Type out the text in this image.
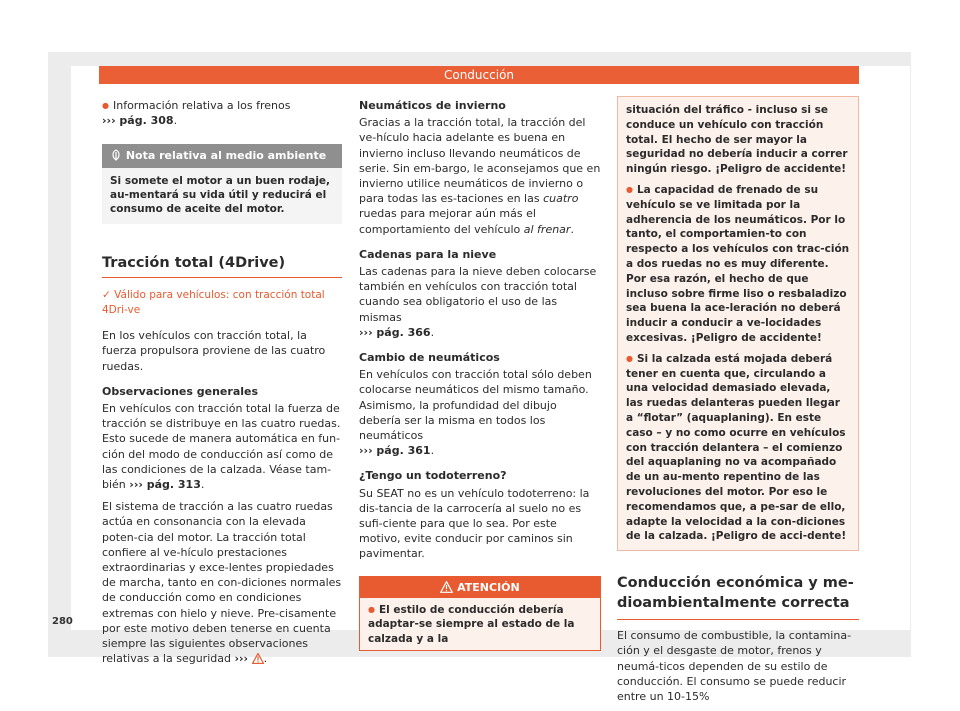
Conducción

● Información relativa a los frenos
››› pág. 308.

Nota relativa al medio ambiente
Si somete el motor a un buen rodaje, au-mentará su vida útil y reducirá el consumo de aceite del motor.
Tracción total (4Drive)
✓ Válido para vehículos: con tracción total 4Dri-ve

En los vehículos con tracción total, la fuerza propulsora proviene de las cuatro ruedas.

Observaciones generales

En vehículos con tracción total la fuerza de tracción se distribuye en las cuatro ruedas. Esto sucede de manera automática en fun-ción del modo de conducción así como de las condiciones de la calzada. Véase tam-bién ››› pág. 313.

El sistema de tracción a las cuatro ruedas actúa en consonancia con la elevada poten-cia del motor. La tracción total confiere al ve-hículo prestaciones extraordinarias y exce-lentes propiedades de marcha, tanto en con-diciones normales de conducción como en condiciones extremas con hielo y nieve. Pre-cisamente por este motivo deben tenerse en cuenta siempre las siguientes observaciones relativas a la seguridad ››› .

Neumáticos de invierno

Gracias a la tracción total, la tracción del ve-hículo hacia adelante es buena en invierno incluso llevando neumáticos de serie. Sin em-bargo, le aconsejamos que en invierno utilice neumáticos de invierno o para todas las es-taciones en las cuatro ruedas para mejorar aún más el comportamiento del vehículo al frenar.

Cadenas para la nieve

Las cadenas para la nieve deben colocarse también en vehículos con tracción total cuando sea obligatorio el uso de las mismas
››› pág. 366.

Cambio de neumáticos

En vehículos con tracción total sólo deben colocarse neumáticos del mismo tamaño. Asimismo, la profundidad del dibujo debería ser la misma en todos los neumáticos
››› pág. 361.

¿Tengo un todoterreno?

Su SEAT no es un vehículo todoterreno: la dis-tancia de la carrocería al suelo no es sufi-ciente para que lo sea. Por este motivo, evite conducir por caminos sin pavimentar.

ATENCIÓN
● El estilo de conducción debería adaptar-se siempre al estado de la calzada y a la

situación del tráfico - incluso si se conduce un vehículo con tracción total. El hecho de ser mayor la seguridad no debería inducir a correr ningún riesgo. ¡Peligro de accidente!

● La capacidad de frenado de su vehículo se ve limitada por la adherencia de los neumáticos. Por lo tanto, el comportamien-to con respecto a los vehículos con trac-ción a dos ruedas no es muy diferente. Por esa razón, el hecho de que incluso sobre firme liso o resbaladizo sea buena la ace-leración no deberá inducir a conducir a ve-locidades excesivas. ¡Peligro de accidente!

● Si la calzada está mojada deberá tener en cuenta que, circulando a una velocidad demasiado elevada, las ruedas delanteras pueden llegar a “flotar” (aquaplaning). En este caso – y no como ocurre en vehículos con tracción delantera – el comienzo del aquaplaning no va acompañado de un au-mento repentino de las revoluciones del motor. Por eso le recomendamos que, a pe-sar de ello, adapte la velocidad a la con-diciones de la calzada. ¡Peligro de acci-dente!

Conducción económica y me-dioambientalmente correcta

El consumo de combustible, la contamina-ción y el desgaste de motor, frenos y neumá-ticos dependen de su estilo de conducción. El consumo se puede reducir entre un 10-15%

280
